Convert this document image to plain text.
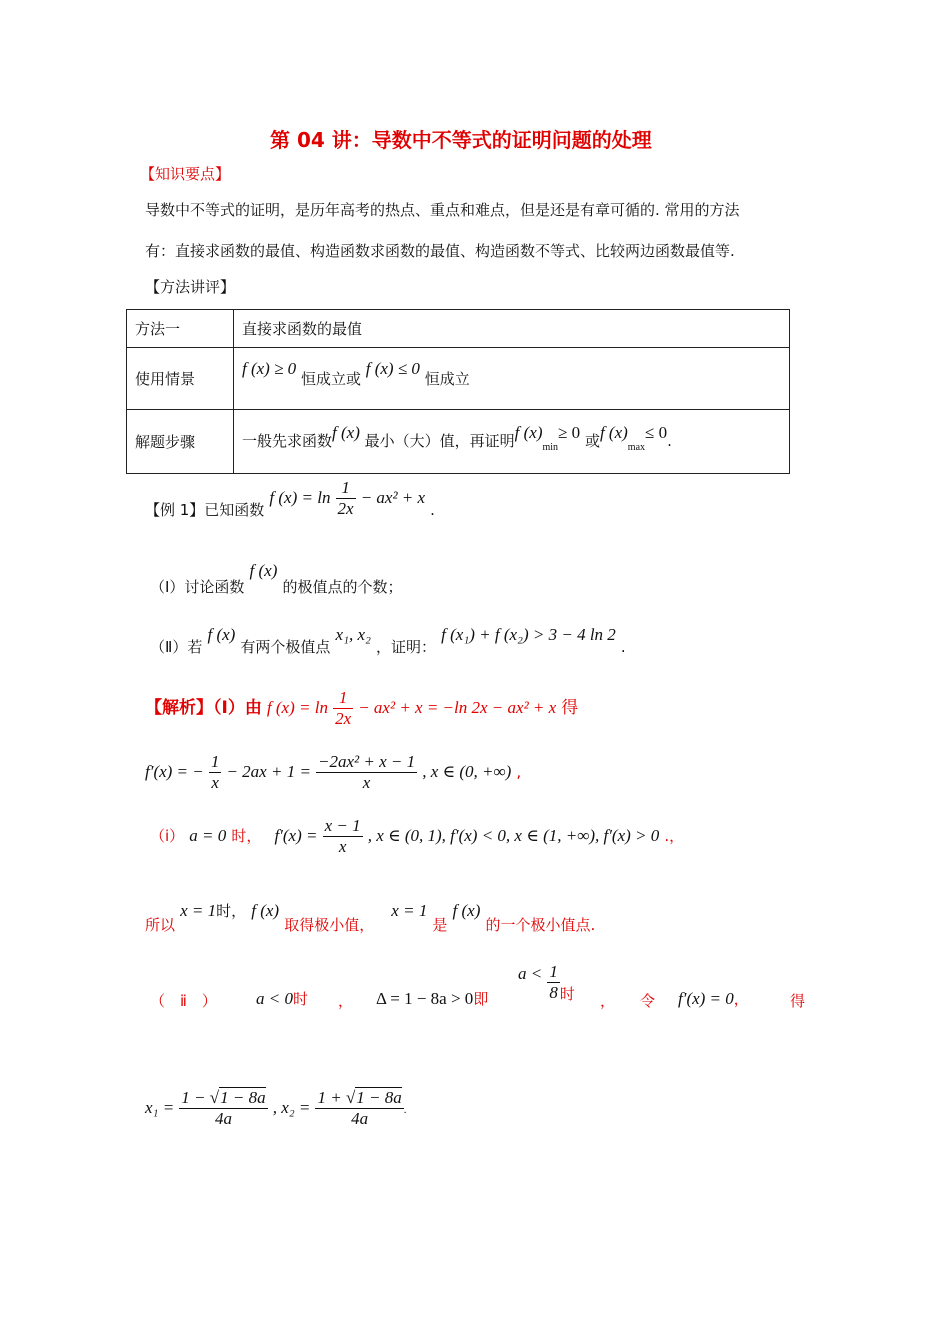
第 04 讲：导数中不等式的证明问题的处理
【知识要点】
导数中不等式的证明，是历年高考的热点、重点和难点，但是还是有章可循的. 常用的方法
有：直接求函数的最值、构造函数求函数的最值、构造函数不等式、比较两边函数最值等.
【方法讲评】
方法一	直接求函数的最值
使用情景	f (x) ≥ 0 恒成立或 f (x) ≤ 0 恒成立
解题步骤	一般先求函数f (x) 最小（大）值，再证明f $(x)_{min}\ge 0$ 或f $(x)_{max}\le 0$.
【例 1】已知函数 f $(x) = \ln \frac{1}{2x} - ax^2 + x$ .
（Ⅰ）讨论函数 f (x) 的极值点的个数；
（Ⅱ）若 f (x) 有两个极值点 x₁, x₂ ，证明： f (x₁) + f (x₂) > 3 − 4 ln 2 .
【解析】（Ⅰ）由 f $(x) = \ln \frac{1}{2x} - ax^2 + x = -\ln$ 2x − ax² + x 得
f′(x) = − $\frac{1}{x} - 2ax + 1 = \frac{\text{−2ax² + x − 1}}{x}$ , x ∈ (0, +∞) ,
（ⅰ） a = 0 时， $f'(x) = \frac{x - 1}{x}$ , x ∈ (0, 1), f′(x) < 0, x ∈ (1, +∞), f′(x) > 0 .，
所以 x = 1时， f (x) 取得极小值， x = 1 是 f (x) 的一个极小值点.
（　ⅱ　） a < 0时 ， Δ = 1 − 8a > 0即
$a < \frac{1}{8}$ 时 ， 令 f′(x) = 0，	得
$x_1 = \frac{1 - √1 - 8a}{4a}$ , $x_2 = \frac{1 + √1 - 8a}{4a}$ .
